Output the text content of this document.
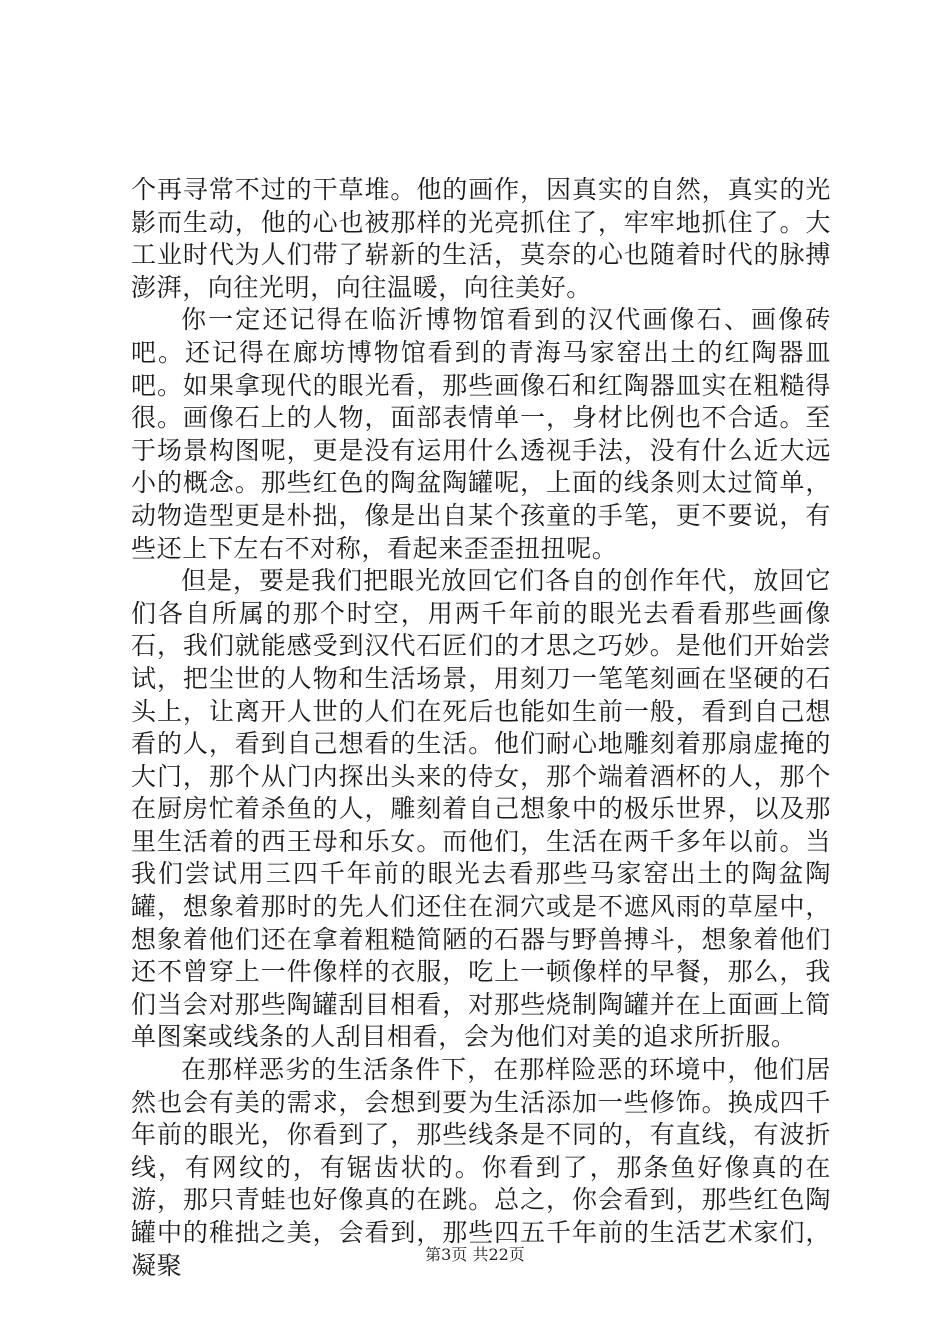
个再寻常不过的干草堆。他的画作，因真实的自然，真实的光影而生动，他的心也被那样的光亮抓住了，牢牢地抓住了。大工业时代为人们带了崭新的生活，莫奈的心也随着时代的脉搏澎湃，向往光明，向往温暖，向往美好。

你一定还记得在临沂博物馆看到的汉代画像石、画像砖吧。还记得在廊坊博物馆看到的青海马家窑出土的红陶器皿吧。如果拿现代的眼光看，那些画像石和红陶器皿实在粗糙得很。画像石上的人物，面部表情单一，身材比例也不合适。至于场景构图呢，更是没有运用什么透视手法，没有什么近大远小的概念。那些红色的陶盆陶罐呢，上面的线条则太过简单，动物造型更是朴拙，像是出自某个孩童的手笔，更不要说，有些还上下左右不对称，看起来歪歪扭扭呢。

但是，要是我们把眼光放回它们各自的创作年代，放回它们各自所属的那个时空，用两千年前的眼光去看看那些画像石，我们就能感受到汉代石匠们的才思之巧妙。是他们开始尝试，把尘世的人物和生活场景，用刻刀一笔笔刻画在坚硬的石头上，让离开人世的人们在死后也能如生前一般，看到自己想看的人，看到自己想看的生活。他们耐心地雕刻着那扇虚掩的大门，那个从门内探出头来的侍女，那个端着酒杯的人，那个在厨房忙着杀鱼的人，雕刻着自己想象中的极乐世界，以及那里生活着的西王母和乐女。而他们，生活在两千多年以前。当我们尝试用三四千年前的眼光去看那些马家窑出土的陶盆陶罐，想象着那时的先人们还住在洞穴或是不遮风雨的草屋中，想象着他们还在拿着粗糙简陋的石器与野兽搏斗，想象着他们还不曾穿上一件像样的衣服，吃上一顿像样的早餐，那么，我们当会对那些陶罐刮目相看，对那些烧制陶罐并在上面画上简单图案或线条的人刮目相看，会为他们对美的追求所折服。

在那样恶劣的生活条件下，在那样险恶的环境中，他们居然也会有美的需求，会想到要为生活添加一些修饰。换成四千年前的眼光，你看到了，那些线条是不同的，有直线，有波折线，有网纹的，有锯齿状的。你看到了，那条鱼好像真的在游，那只青蛙也好像真的在跳。总之，你会看到，那些红色陶罐中的稚拙之美，会看到，那些四五千年前的生活艺术家们，凝聚	第3页 共22页
